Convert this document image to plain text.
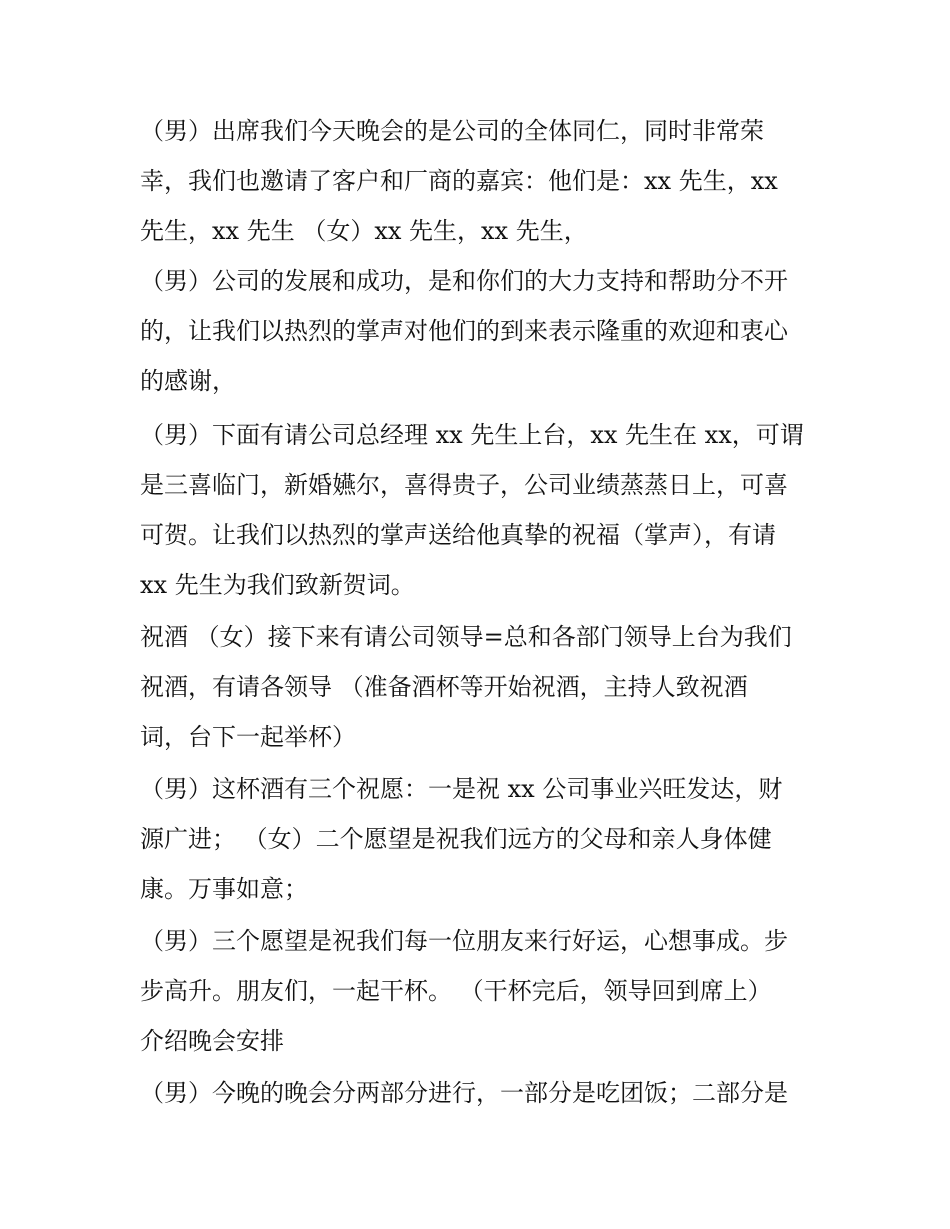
（男）出席我们今天晚会的是公司的全体同仁，同时非常荣
幸，我们也邀请了客户和厂商的嘉宾：他们是：xx 先生，xx
先生，xx 先生 （女）xx 先生，xx 先生，
（男）公司的发展和成功，是和你们的大力支持和帮助分不开
的，让我们以热烈的掌声对他们的到来表示隆重的欢迎和衷心
的感谢，
（男）下面有请公司总经理 xx 先生上台，xx 先生在 xx，可谓
是三喜临门，新婚嬿尔，喜得贵子，公司业绩蒸蒸日上，可喜
可贺。让我们以热烈的掌声送给他真挚的祝福（掌声），有请
xx 先生为我们致新贺词。
祝酒 （女）接下来有请公司领导=总和各部门领导上台为我们
祝酒，有请各领导 （准备酒杯等开始祝酒，主持人致祝酒
词，台下一起举杯）
（男）这杯酒有三个祝愿：一是祝 xx 公司事业兴旺发达，财
源广进； （女）二个愿望是祝我们远方的父母和亲人身体健
康。万事如意；
（男）三个愿望是祝我们每一位朋友来行好运，心想事成。步
步高升。朋友们，一起干杯。 （干杯完后，领导回到席上）
介绍晚会安排
（男）今晚的晚会分两部分进行，一部分是吃团饭；二部分是
